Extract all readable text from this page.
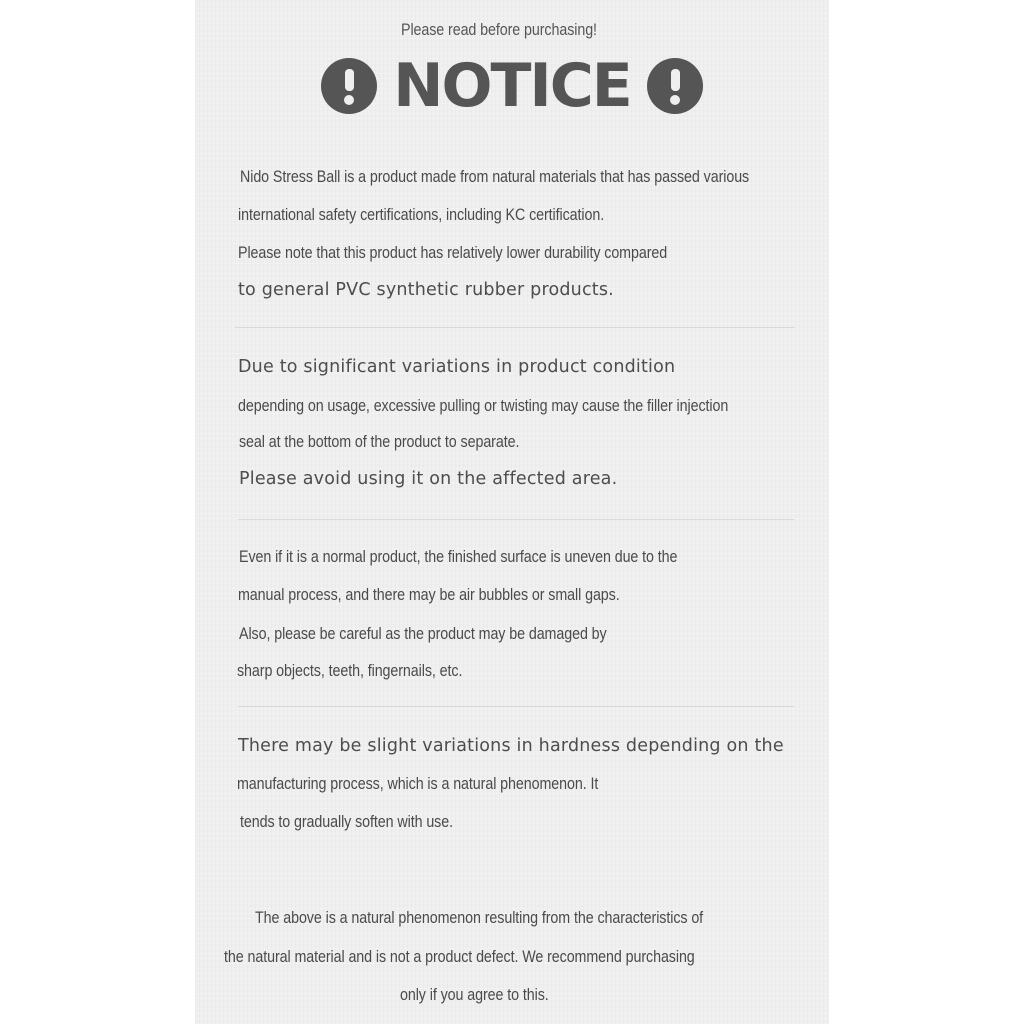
Please read before purchasing!
NOTICE
Nido Stress Ball is a product made from natural materials that has passed various
international safety certifications, including KC certification.
Please note that this product has relatively lower durability compared
to general PVC synthetic rubber products.
Due to significant variations in product condition
depending on usage, excessive pulling or twisting may cause the filler injection
seal at the bottom of the product to separate.
Please avoid using it on the affected area.
Even if it is a normal product, the finished surface is uneven due to the
manual process, and there may be air bubbles or small gaps.
Also, please be careful as the product may be damaged by
sharp objects, teeth, fingernails, etc.
There may be slight variations in hardness depending on the
manufacturing process, which is a natural phenomenon. It
tends to gradually soften with use.
The above is a natural phenomenon resulting from the characteristics of
the natural material and is not a product defect. We recommend purchasing
only if you agree to this.
